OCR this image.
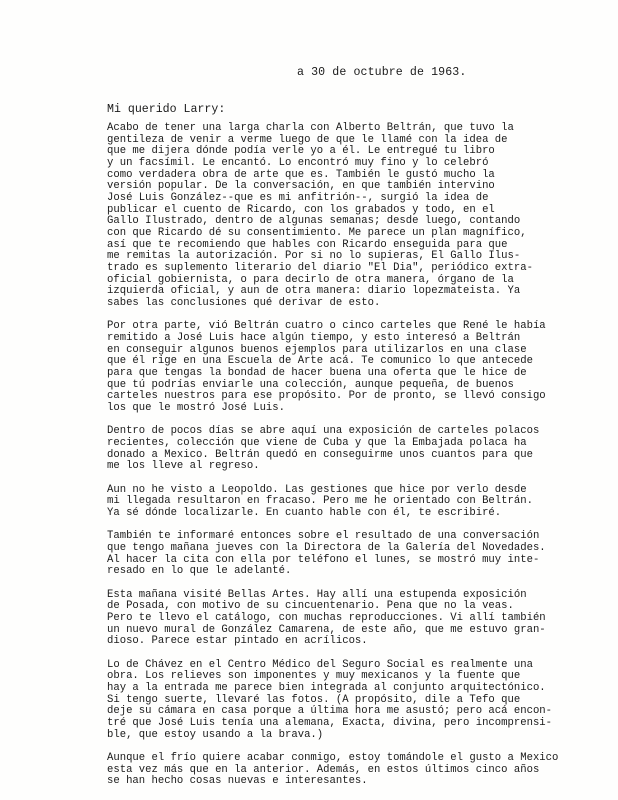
a 30 de octubre de 1963.
Mi querido Larry:

Acabo de tener una larga charla con Alberto Beltrán, que tuvo la
gentileza de venir a verme luego de que le llamé con la idea de
que me dijera dónde podía verle yo a él. Le entregué tu libro
y un facsímil. Le encantó. Lo encontró muy fino y lo celebró
como verdadera obra de arte que es. También le gustó mucho la
versión popular. De la conversación, en que también intervino
José Luis González--que es mi anfitrión--, surgió la idea de
publicar el cuento de Ricardo, con los grabados y todo, en el
Gallo Ilustrado, dentro de algunas semanas; desde luego, contando
con que Ricardo dé su consentimiento. Me parece un plan magnífico,
así que te recomiendo que hables con Ricardo enseguida para que
me remitas la autorización. Por si no lo supieras, El Gallo Ilus-
trado es suplemento literario del diario "El Dia", periódico extra-
oficial gobiernista, o para decirlo de otra manera, órgano de la
izquierda oficial, y aun de otra manera: diario lopezmateista. Ya
sabes las conclusiones qué derivar de esto.

Por otra parte, vió Beltrán cuatro o cinco carteles que René le había
remitido a José Luis hace algún tiempo, y esto interesó a Beltrán
en conseguir algunos buenos ejemplos para utilizarlos en una clase
que él rige en una Escuela de Arte acá. Te comunico lo que antecede
para que tengas la bondad de hacer buena una oferta que le hice de
que tú podrías enviarle una colección, aunque pequeña, de buenos
carteles nuestros para ese propósito. Por de pronto, se llevó consigo
los que le mostró José Luis.

Dentro de pocos días se abre aquí una exposición de carteles polacos
recientes, colección que viene de Cuba y que la Embajada polaca ha
donado a Mexico. Beltrán quedó en conseguirme unos cuantos para que
me los lleve al regreso.

Aun no he visto a Leopoldo. Las gestiones que hice por verlo desde
mi llegada resultaron en fracaso. Pero me he orientado con Beltrán.
Ya sé dónde localizarle. En cuanto hable con él, te escribiré.

También te informaré entonces sobre el resultado de una conversación
que tengo mañana jueves con la Directora de la Galería del Novedades.
Al hacer la cita con ella por teléfono el lunes, se mostró muy inte-
resado en lo que le adelanté.

Esta mañana visité Bellas Artes. Hay allí una estupenda exposición
de Posada, con motivo de su cincuentenario. Pena que no la veas.
Pero te llevo el catálogo, con muchas reproducciones. Vi allí también
un nuevo mural de González Camarena, de este año, que me estuvo gran-
dioso. Parece estar pintado en acrílicos.

Lo de Chávez en el Centro Médico del Seguro Social es realmente una
obra. Los relieves son imponentes y muy mexicanos y la fuente que
hay a la entrada me parece bien integrada al conjunto arquitectónico.
Si tengo suerte, llevaré las fotos. (A propósito, dile a Tefo que
deje su cámara en casa porque a última hora me asustó; pero acá encon-
tré que José Luis tenía una alemana, Exacta, divina, pero incomprensi-
ble, que estoy usando a la brava.)

Aunque el frío quiere acabar conmigo, estoy tomándole el gusto a Mexico
esta vez más que en la anterior. Además, en estos últimos cinco años
se han hecho cosas nuevas e interesantes.
